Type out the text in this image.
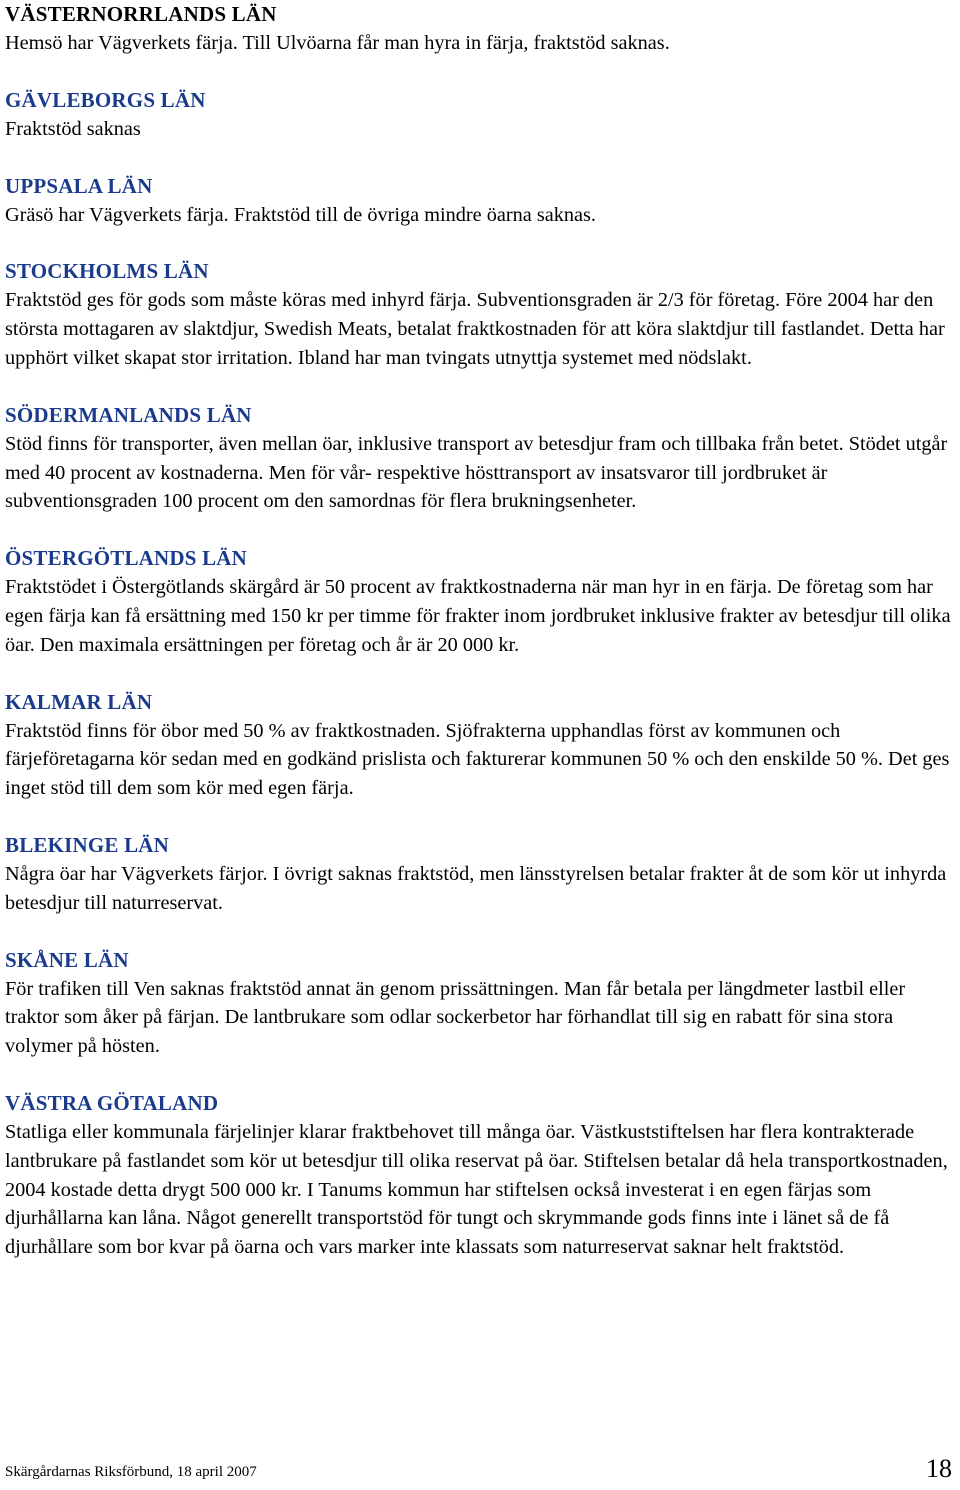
VÄSTERNORRLANDS LÄN

Hemsö har Vägverkets färja. Till Ulvöarna får man hyra in färja, fraktstöd saknas.

GÄVLEBORGS LÄN

Fraktstöd saknas

UPPSALA LÄN

Gräsö har Vägverkets färja. Fraktstöd till de övriga mindre öarna saknas.

STOCKHOLMS LÄN

Fraktstöd ges för gods som måste köras med inhyrd färja. Subventionsgraden är 2/3 för företag. Före 2004 har den största mottagaren av slaktdjur, Swedish Meats, betalat fraktkostnaden för att köra slaktdjur till fastlandet. Detta har upphört vilket skapat stor irritation. Ibland har man tvingats utnyttja systemet med nödslakt.

SÖDERMANLANDS LÄN

Stöd finns för transporter, även mellan öar, inklusive transport av betesdjur fram och tillbaka från betet. Stödet utgår med 40 procent av kostnaderna. Men för vår- respektive hösttransport av insatsvaror till jordbruket är subventionsgraden 100 procent om den samordnas för flera brukningsenheter.

ÖSTERGÖTLANDS LÄN

Fraktstödet i Östergötlands skärgård är 50 procent av fraktkostnaderna när man hyr in en färja. De företag som har egen färja kan få ersättning med 150 kr per timme för frakter inom jordbruket inklusive frakter av betesdjur till olika öar. Den maximala ersättningen per företag och år är 20 000 kr.

KALMAR LÄN

Fraktstöd finns för öbor med 50 % av fraktkostnaden. Sjöfrakterna upphandlas först av kommunen och färjeföretagarna kör sedan med en godkänd prislista och fakturerar kommunen 50 % och den enskilde 50 %. Det ges inget stöd till dem som kör med egen färja.

BLEKINGE LÄN

Några öar har Vägverkets färjor. I övrigt saknas fraktstöd, men länsstyrelsen betalar frakter åt de som kör ut inhyrda betesdjur till naturreservat.

SKÅNE LÄN

För trafiken till Ven saknas fraktstöd annat än genom prissättningen. Man får betala per längdmeter lastbil eller traktor som åker på färjan. De lantbrukare som odlar sockerbetor har förhandlat till sig en rabatt för sina stora volymer på hösten.

VÄSTRA GÖTALAND

Statliga eller kommunala färjelinjer klarar fraktbehovet till många öar. Västkuststiftelsen har flera kontrakterade lantbrukare på fastlandet som kör ut betesdjur till olika reservat på öar. Stiftelsen betalar då hela transportkostnaden, 2004 kostade detta drygt 500 000 kr. I Tanums kommun har stiftelsen också investerat i en egen färjas som djurhållarna kan låna. Något generellt transportstöd för tungt och skrymmande gods finns inte i länet så de få djurhållare som bor kvar på öarna och vars marker inte klassats som naturreservat saknar helt fraktstöd.

Skärgårdarnas Riksförbund, 18 april 2007	18
